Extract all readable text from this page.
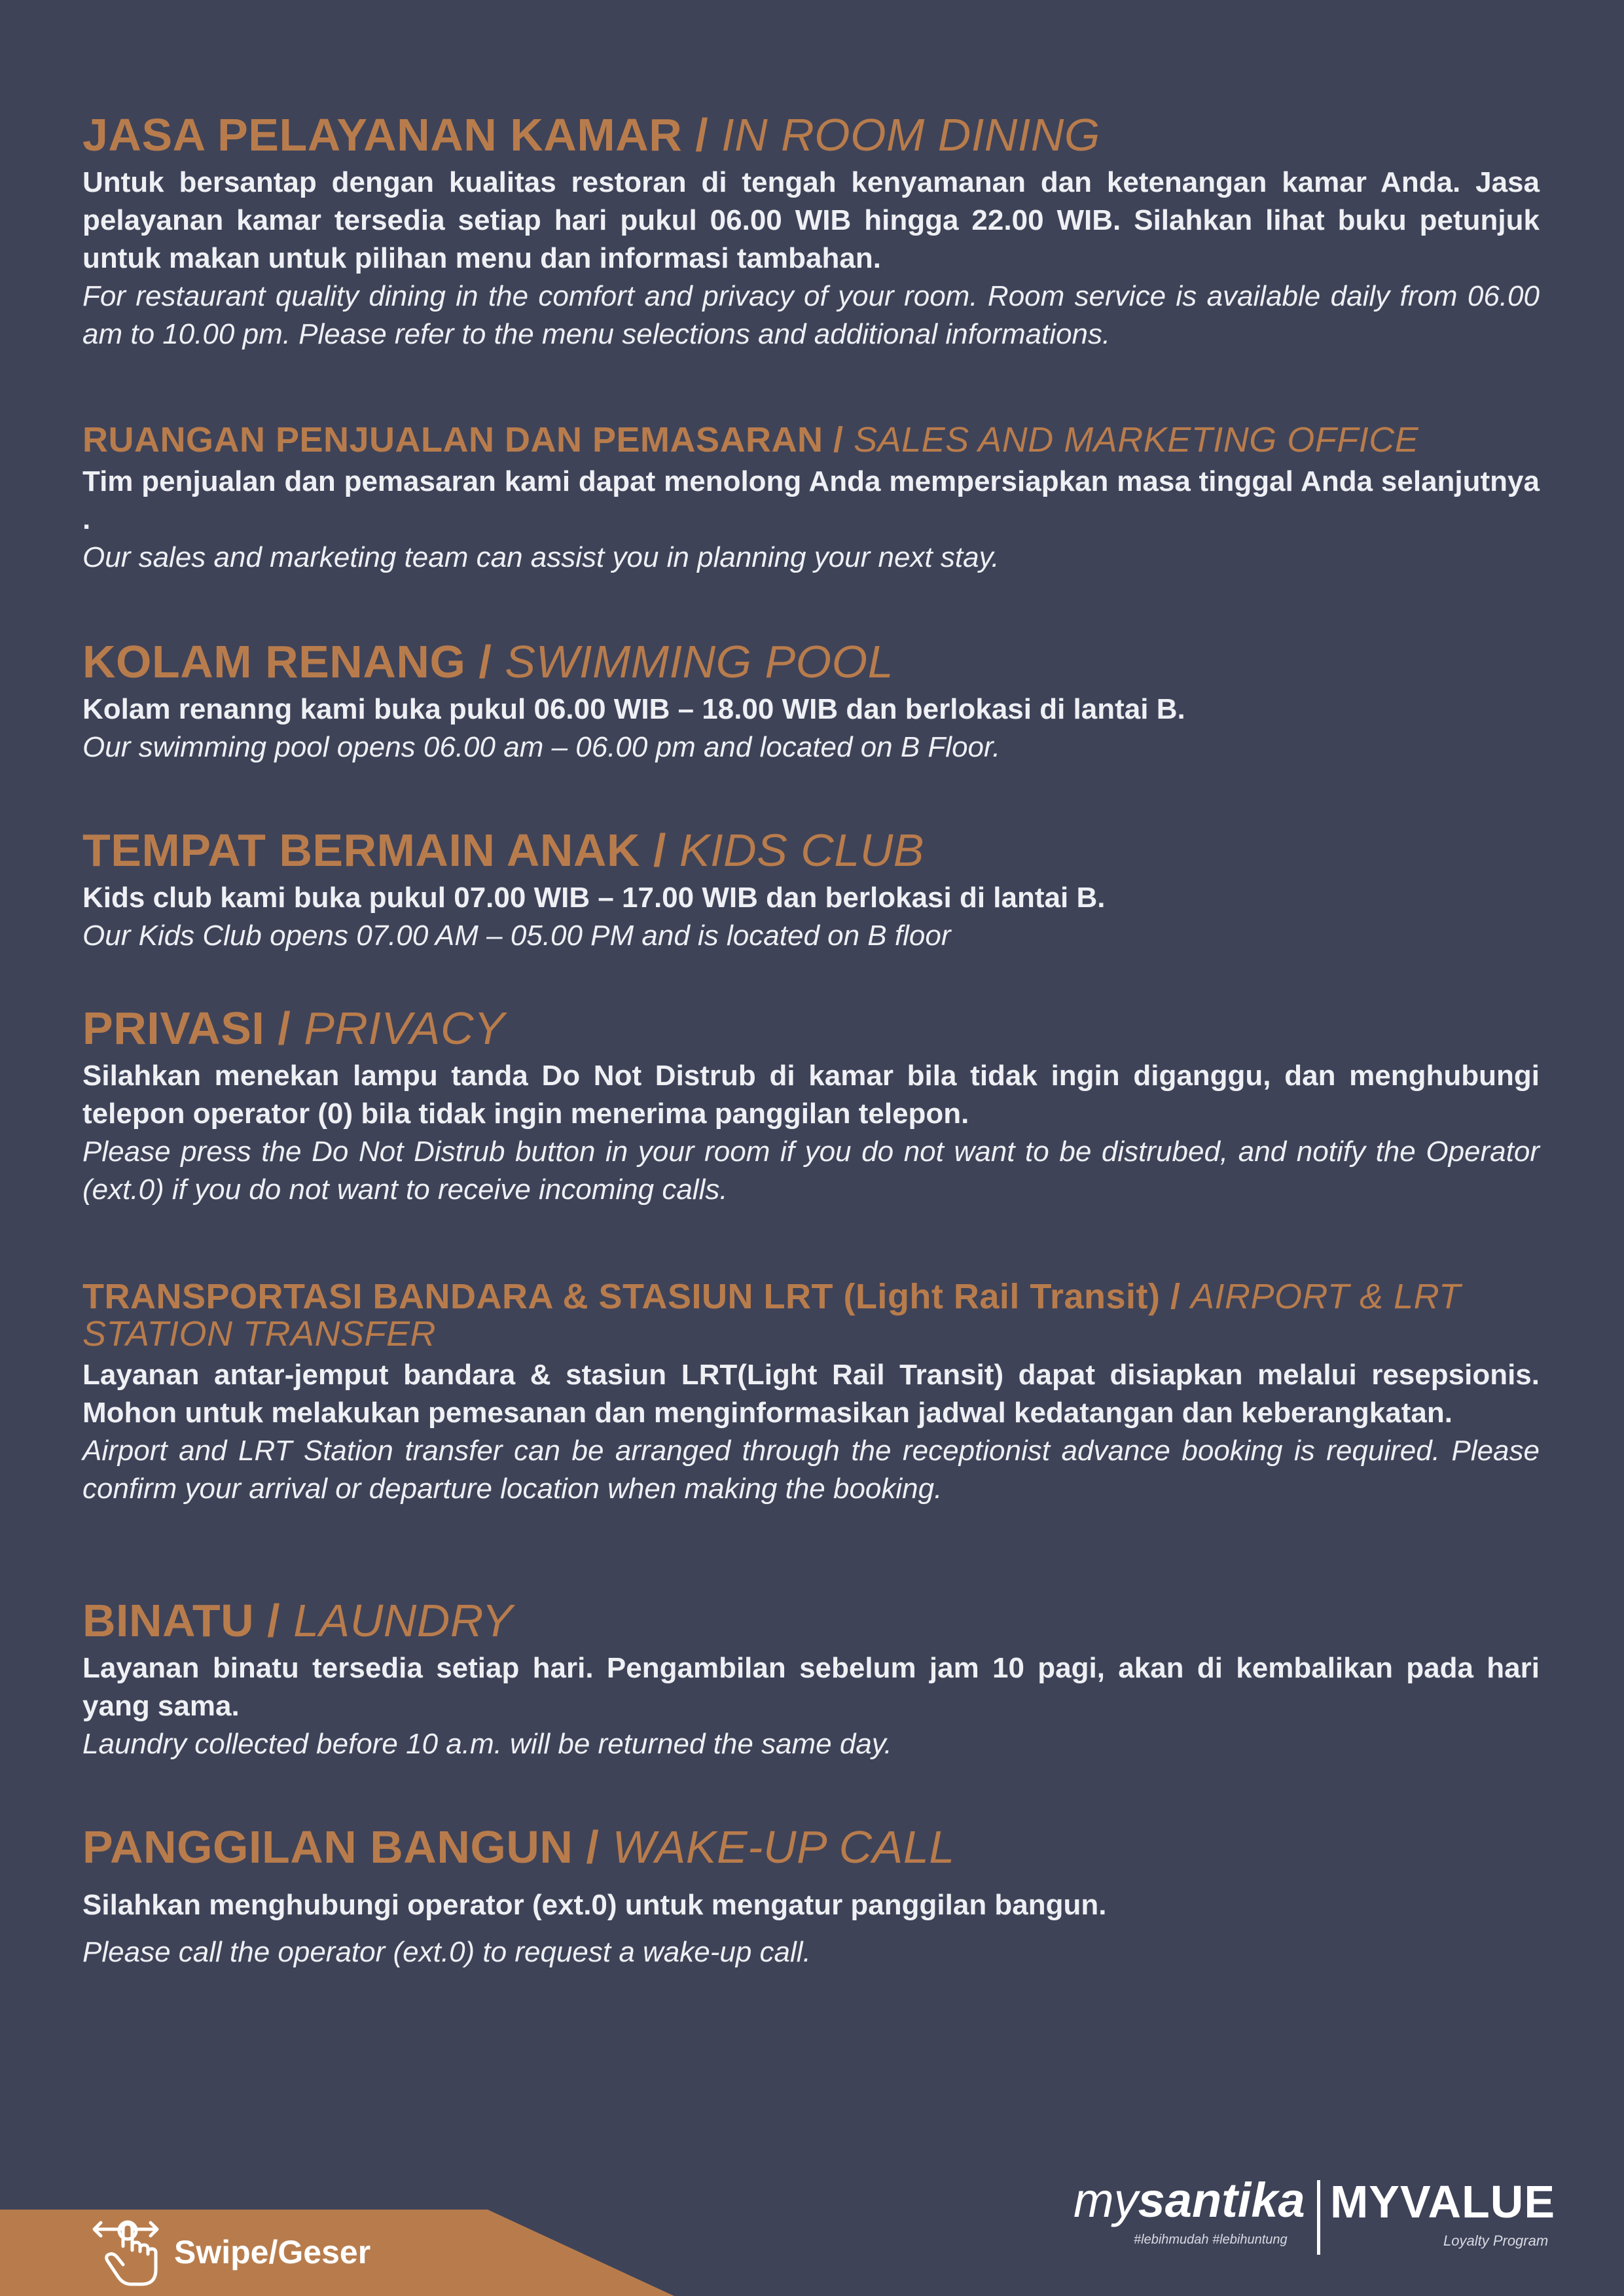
JASA PELAYANAN KAMAR / IN ROOM DINING

Untuk bersantap dengan kualitas restoran di tengah kenyamanan dan ketenangan kamar Anda. Jasa pelayanan kamar tersedia setiap hari pukul 06.00 WIB hingga 22.00 WIB. Silahkan lihat buku petunjuk untuk makan untuk pilihan menu dan informasi tambahan.

For restaurant quality dining in the comfort and privacy of your room. Room service is available daily from 06.00 am to 10.00 pm. Please refer to the menu selections and additional informations.

RUANGAN PENJUALAN DAN PEMASARAN / SALES AND MARKETING OFFICE

Tim penjualan dan pemasaran kami dapat menolong Anda mempersiapkan masa tinggal Anda selanjutnya .

Our sales and marketing team can assist you in planning your next stay.

KOLAM RENANG / SWIMMING POOL

Kolam renanng kami buka pukul 06.00 WIB – 18.00 WIB dan berlokasi di lantai B.

Our swimming pool opens 06.00 am – 06.00 pm and located on B Floor.

TEMPAT BERMAIN ANAK / KIDS CLUB

Kids club kami buka pukul 07.00 WIB – 17.00 WIB dan berlokasi di lantai B.

Our Kids Club opens 07.00 AM – 05.00 PM and is located on B floor

PRIVASI / PRIVACY

Silahkan menekan lampu tanda Do Not Distrub di kamar bila tidak ingin diganggu, dan menghubungi telepon operator (0) bila tidak ingin menerima panggilan telepon.

Please press the Do Not Distrub button in your room if you do not want to be distrubed, and notify the Operator (ext.0) if you do not want to receive incoming calls.

TRANSPORTASI BANDARA & STASIUN LRT (Light Rail Transit) / AIRPORT & LRT STATION TRANSFER

Layanan antar-jemput bandara & stasiun LRT(Light Rail Transit) dapat disiapkan melalui resepsionis. Mohon untuk melakukan pemesanan dan menginformasikan jadwal kedatangan dan keberangkatan.

Airport and LRT Station transfer can be arranged through the receptionist advance booking is required. Please confirm your arrival or departure location when making the booking.

BINATU / LAUNDRY

Layanan binatu tersedia setiap hari. Pengambilan sebelum jam 10 pagi, akan di kembalikan pada hari yang sama.

Laundry collected before 10 a.m. will be returned the same day.

PANGGILAN BANGUN / WAKE-UP CALL

Silahkan menghubungi operator (ext.0) untuk mengatur panggilan bangun.

Please call the operator (ext.0) to request a wake-up call.

Swipe/Geser
mysantika
#lebihmudah #lebihuntung
MYVALUE
Loyalty Program
